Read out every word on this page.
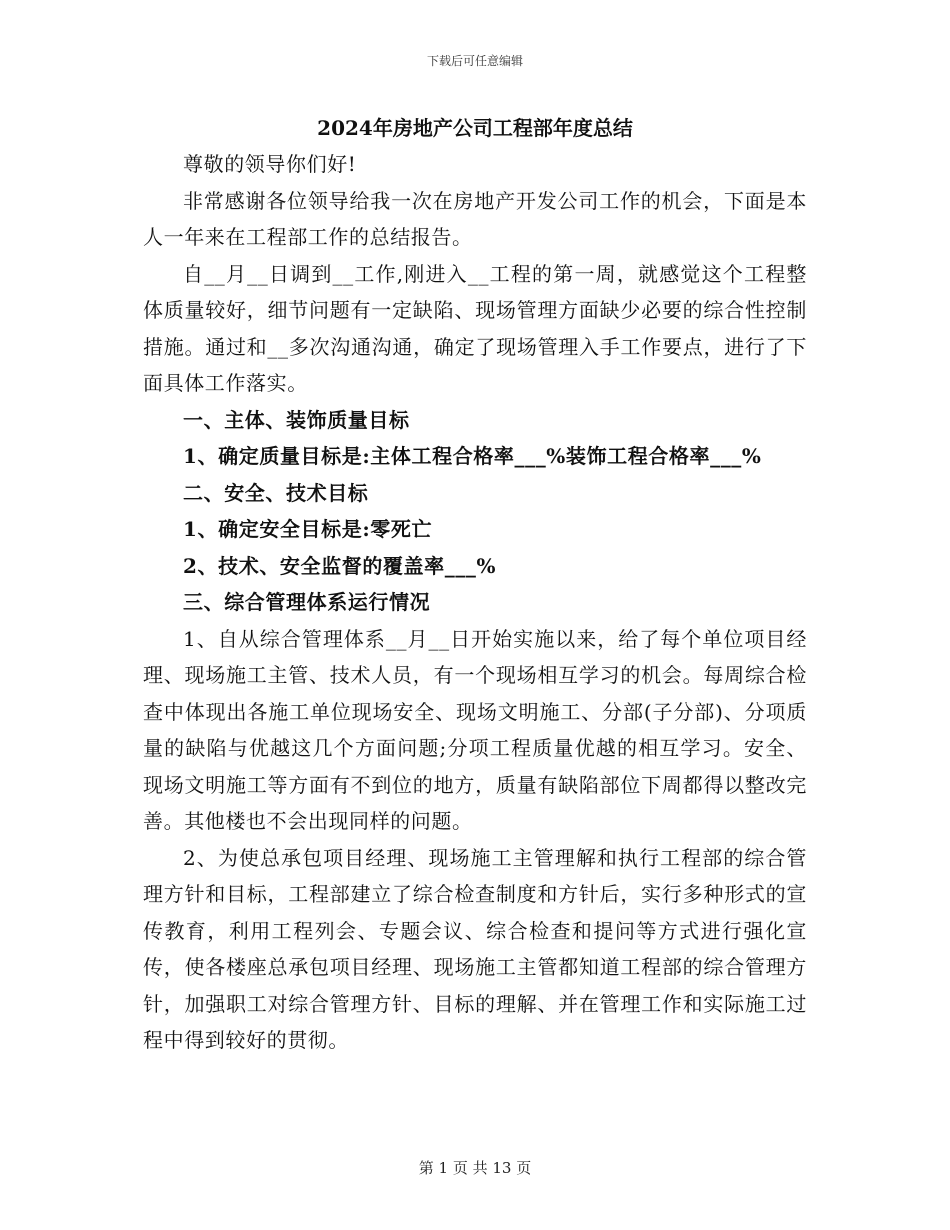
下载后可任意编辑
2024年房地产公司工程部年度总结

尊敬的领导你们好!

非常感谢各位领导给我一次在房地产开发公司工作的机会，下面是本人一年来在工程部工作的总结报告。

自__月__日调到__工作,刚进入__工程的第一周，就感觉这个工程整体质量较好，细节问题有一定缺陷、现场管理方面缺少必要的综合性控制措施。通过和__多次沟通沟通，确定了现场管理入手工作要点，进行了下面具体工作落实。

一、主体、装饰质量目标

1、确定质量目标是:主体工程合格率___%装饰工程合格率___%

二、安全、技术目标

1、确定安全目标是:零死亡

2、技术、安全监督的覆盖率___%

三、综合管理体系运行情况

1、自从综合管理体系__月__日开始实施以来，给了每个单位项目经理、现场施工主管、技术人员，有一个现场相互学习的机会。每周综合检查中体现出各施工单位现场安全、现场文明施工、分部(子分部)、分项质量的缺陷与优越这几个方面问题;分项工程质量优越的相互学习。安全、现场文明施工等方面有不到位的地方，质量有缺陷部位下周都得以整改完善。其他楼也不会出现同样的问题。

2、为使总承包项目经理、现场施工主管理解和执行工程部的综合管理方针和目标，工程部建立了综合检查制度和方针后，实行多种形式的宣传教育，利用工程列会、专题会议、综合检查和提问等方式进行强化宣传，使各楼座总承包项目经理、现场施工主管都知道工程部的综合管理方针，加强职工对综合管理方针、目标的理解、并在管理工作和实际施工过程中得到较好的贯彻。

第 1 页 共 13 页
